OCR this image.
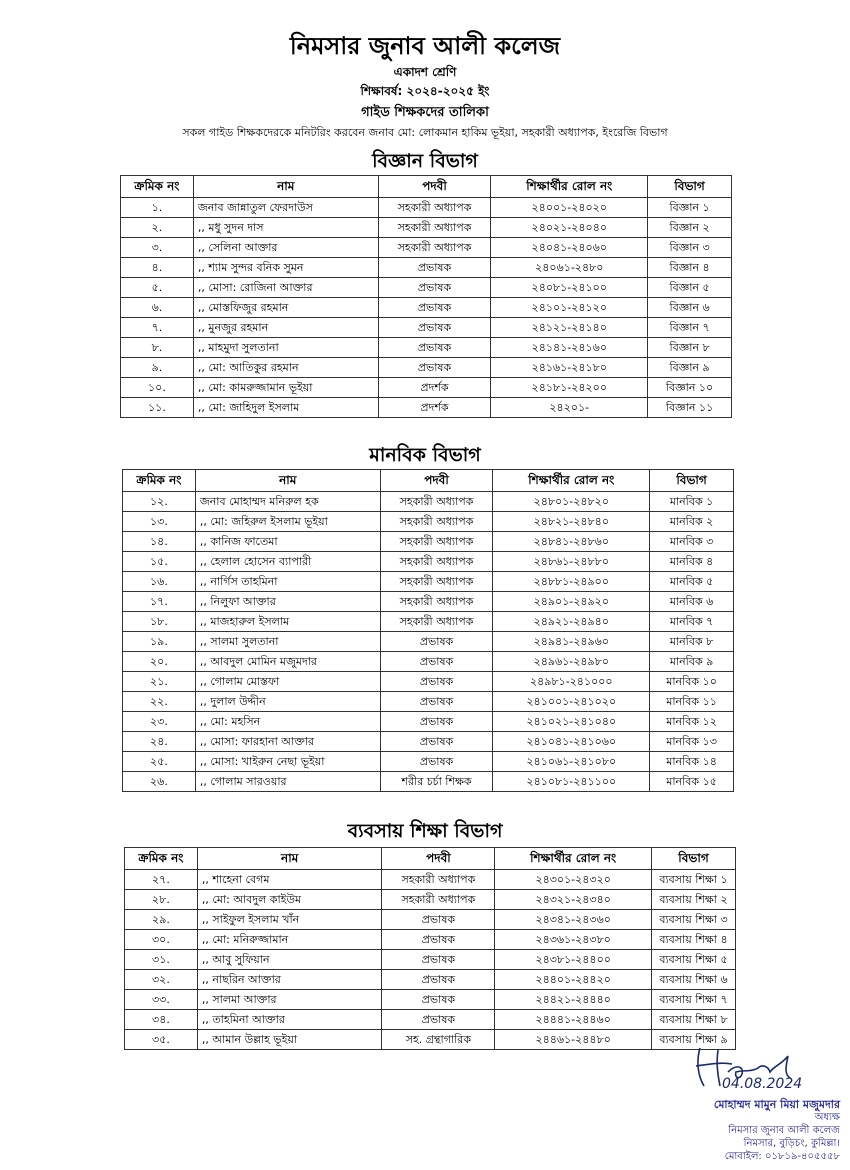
নিমসার জুনাব আলী কলেজ
একাদশ শ্রেণি
শিক্ষাবর্ষ: ২০২৪-২০২৫ ইং
গাইড শিক্ষকদের তালিকা
সকল গাইড শিক্ষকদেরকে মনিটরিং করবেন জনাব মো: লোকমান হাকিম ভূইয়া, সহকারী অধ্যাপক, ইংরেজি বিভাগ
বিজ্ঞান বিভাগ
ক্রমিক নং	নাম	পদবী	শিক্ষার্থীর রোল নং	বিভাগ
১.	জনাব জান্নাতুল ফেরদাউস	সহকারী অধ্যাপক	২৪০০১-২৪০২০	বিজ্ঞান ১
২.	,, মধু সুদন দাস	সহকারী অধ্যাপক	২৪০২১-২৪০৪০	বিজ্ঞান ২
৩.	,, সেলিনা আক্তার	সহকারী অধ্যাপক	২৪০৪১-২৪০৬০	বিজ্ঞান ৩
৪.	,, শ্যাম সুন্দর বনিক সুমন	প্রভাষক	২৪০৬১-২৪৮০	বিজ্ঞান ৪
৫.	,, মোসা: রোজিনা আক্তার	প্রভাষক	২৪০৮১-২৪১০০	বিজ্ঞান ৫
৬.	,, মোস্তফিজুর রহমান	প্রভাষক	২৪১০১-২৪১২০	বিজ্ঞান ৬
৭.	,, মুনজুর রহমান	প্রভাষক	২৪১২১-২৪১৪০	বিজ্ঞান ৭
৮.	,, মাহমুদা সুলতানা	প্রভাষক	২৪১৪১-২৪১৬০	বিজ্ঞান ৮
৯.	,, মো: আতিকুর রহমান	প্রভাষক	২৪১৬১-২৪১৮০	বিজ্ঞান ৯
১০.	,, মো: কামরুজ্জামান ভূইয়া	প্রদর্শক	২৪১৮১-২৪২০০	বিজ্ঞান ১০
১১.	,, মো: জাহিদুল ইসলাম	প্রদর্শক	২৪২০১-	বিজ্ঞান ১১
মানবিক বিভাগ
ক্রমিক নং	নাম	পদবী	শিক্ষার্থীর রোল নং	বিভাগ
১২.	জনাব মোহাম্মদ মনিরুল হক	সহকারী অধ্যাপক	২৪৮০১-২৪৮২০	মানবিক ১
১৩.	,, মো: জহিরুল ইসলাম ভূইয়া	সহকারী অধ্যাপক	২৪৮২১-২৪৮৪০	মানবিক ২
১৪.	,, কানিজ ফাতেমা	সহকারী অধ্যাপক	২৪৮৪১-২৪৮৬০	মানবিক ৩
১৫.	,, হেলাল হোসেন ব্যাপারী	সহকারী অধ্যাপক	২৪৮৬১-২৪৮৮০	মানবিক ৪
১৬.	,, নার্গিস তাহমিনা	সহকারী অধ্যাপক	২৪৮৮১-২৪৯০০	মানবিক ৫
১৭.	,, নিলুফা আক্তার	সহকারী অধ্যাপক	২৪৯০১-২৪৯২০	মানবিক ৬
১৮.	,, মাজহারুল ইসলাম	সহকারী অধ্যাপক	২৪৯২১-২৪৯৪০	মানবিক ৭
১৯.	,, সালমা সুলতানা	প্রভাষক	২৪৯৪১-২৪৯৬০	মানবিক ৮
২০.	,, আবদুল মোমিন মজুমদার	প্রভাষক	২৪৯৬১-২৪৯৮০	মানবিক ৯
২১.	,, গোলাম মোস্তফা	প্রভাষক	২৪৯৮১-২৪১০০০	মানবিক ১০
২২.	,, দুলাল উদ্দীন	প্রভাষক	২৪১০০১-২৪১০২০	মানবিক ১১
২৩.	,, মো: মহসিন	প্রভাষক	২৪১০২১-২৪১০৪০	মানবিক ১২
২৪.	,, মোসা: ফারহানা আক্তার	প্রভাষক	২৪১০৪১-২৪১০৬০	মানবিক ১৩
২৫.	,, মোসা: খাইরুন নেছা ভূইয়া	প্রভাষক	২৪১০৬১-২৪১০৮০	মানবিক ১৪
২৬.	,, গোলাম সারওয়ার	শরীর চর্চা শিক্ষক	২৪১০৮১-২৪১১০০	মানবিক ১৫
ব্যবসায় শিক্ষা বিভাগ
ক্রমিক নং	নাম	পদবী	শিক্ষার্থীর রোল নং	বিভাগ
২৭.	,, শাহেনা বেগম	সহকারী অধ্যাপক	২৪৩০১-২৪৩২০	ব্যবসায় শিক্ষা ১
২৮.	,, মো: আবদুল কাইউম	সহকারী অধ্যাপক	২৪৩২১-২৪৩৪০	ব্যবসায় শিক্ষা ২
২৯.	,, সাইফুল ইসলাম খাঁন	প্রভাষক	২৪৩৪১-২৪৩৬০	ব্যবসায় শিক্ষা ৩
৩০.	,, মো: মনিরুজ্জামান	প্রভাষক	২৪৩৬১-২৪৩৮০	ব্যবসায় শিক্ষা ৪
৩১.	,, আবু সুফিয়ান	প্রভাষক	২৪৩৮১-২৪৪০০	ব্যবসায় শিক্ষা ৫
৩২.	,, নাছরিন আক্তার	প্রভাষক	২৪৪০১-২৪৪২০	ব্যবসায় শিক্ষা ৬
৩৩.	,, সালমা আক্তার	প্রভাষক	২৪৪২১-২৪৪৪০	ব্যবসায় শিক্ষা ৭
৩৪.	,, তাহমিনা আক্তার	প্রভাষক	২৪৪৪১-২৪৪৬০	ব্যবসায় শিক্ষা ৮
৩৫.	,, আমান উল্লাহ ভূইয়া	সহ. গ্রন্থাগারিক	২৪৪৬১-২৪৪৮০	ব্যবসায় শিক্ষা ৯
04.08.2024
মোহাম্মদ মামুন মিয়া মজুমদার
অধ্যক্ষ
নিমসার জুনাব আলী কলেজ
নিমসার, বুড়িচং, কুমিল্লা।
মোবাইল: ০১৮১৯-৪০৫৫৫৮
